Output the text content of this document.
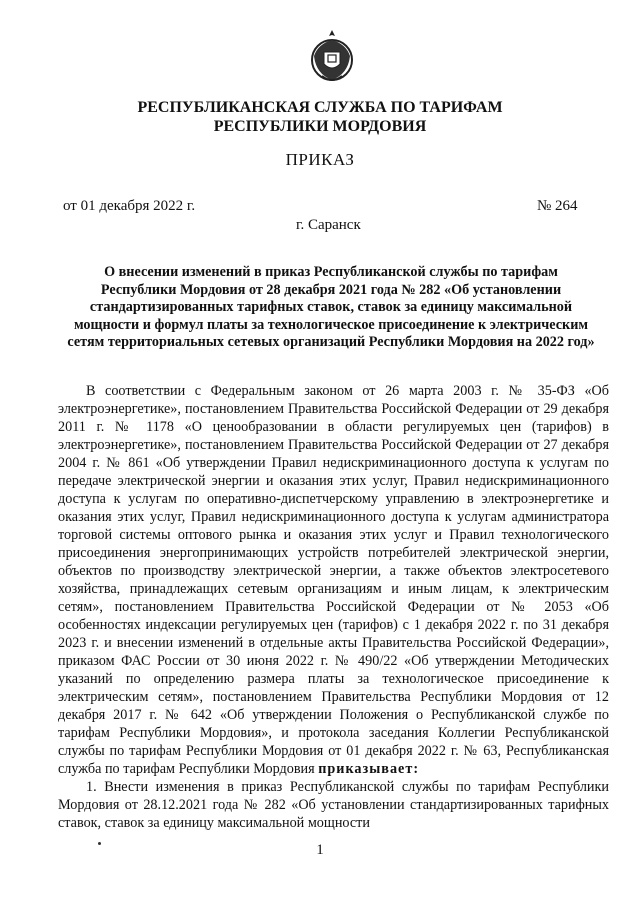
РЕСПУБЛИКАНСКАЯ СЛУЖБА ПО ТАРИФАМ
РЕСПУБЛИКИ МОРДОВИЯ
ПРИКАЗ
от 01 декабря 2022 г.	№ 264
г. Саранск
О внесении изменений в приказ Республиканской службы по тарифам Республики Мордовия от 28 декабря 2021 года № 282 «Об установлении стандартизированных тарифных ставок, ставок за единицу максимальной мощности и формул платы за технологическое присоединение к электрическим сетям территориальных сетевых организаций Республики Мордовия на 2022 год»

В соответствии с Федеральным законом от 26 марта 2003 г. № 35-ФЗ «Об электроэнергетике», постановлением Правительства Российской Федерации от 29 декабря 2011 г. № 1178 «О ценообразовании в области регулируемых цен (тарифов) в электроэнергетике», постановлением Правительства Российской Федерации от 27 декабря 2004 г. № 861 «Об утверждении Правил недискриминационного доступа к услугам по передаче электрической энергии и оказания этих услуг, Правил недискриминационного доступа к услугам по оперативно-диспетчерскому управлению в электроэнергетике и оказания этих услуг, Правил недискриминационного доступа к услугам администратора торговой системы оптового рынка и оказания этих услуг и Правил технологического присоединения энергопринимающих устройств потребителей электрической энергии, объектов по производству электрической энергии, а также объектов электросетевого хозяйства, принадлежащих сетевым организациям и иным лицам, к электрическим сетям», постановлением Правительства Российской Федерации от № 2053 «Об особенностях индексации регулируемых цен (тарифов) с 1 декабря 2022 г. по 31 декабря 2023 г. и внесении изменений в отдельные акты Правительства Российской Федерации», приказом ФАС России от 30 июня 2022 г. № 490/22 «Об утверждении Методических указаний по определению размера платы за технологическое присоединение к электрическим сетям», постановлением Правительства Республики Мордовия от 12 декабря 2017 г. № 642 «Об утверждении Положения о Республиканской службе по тарифам Республики Мордовия», и протокола заседания Коллегии Республиканской службы по тарифам Республики Мордовия от 01 декабря 2022 г. № 63, Республиканская служба по тарифам Республики Мордовия приказывает:

1. Внести изменения в приказ Республиканской службы по тарифам Республики Мордовия от 28.12.2021 года № 282 «Об установлении стандартизированных тарифных ставок, ставок за единицу максимальной мощности

1
